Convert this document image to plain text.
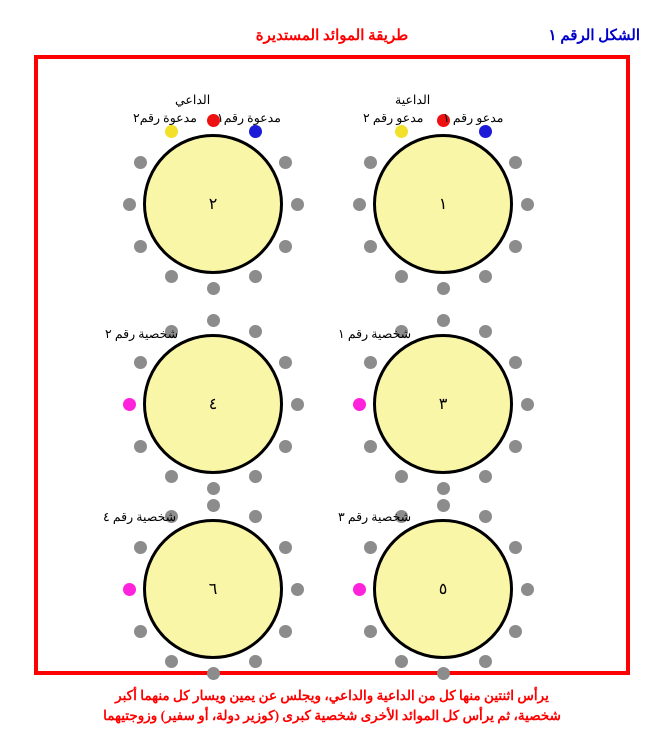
الشكل الرقم ١
طريقة الموائد المستديرة
١
الداعية
مدعو رقم ٢ مدعو رقم ١
٢
الداعي
مدعوة رقم٢ مدعوة رقم١
٣
شخصية رقم ١
٤
شخصية رقم ٢
٥
شخصية رقم ٣
٦
شخصية رقم ٤
يرأس اثنتين منها كل من الداعية والداعي، ويجلس عن يمين ويسار كل منهما أكبر
شخصية، ثم يرأس كل الموائد الأخرى شخصية كبرى (كوزير دولة، أو سفير) وزوجتيهما
